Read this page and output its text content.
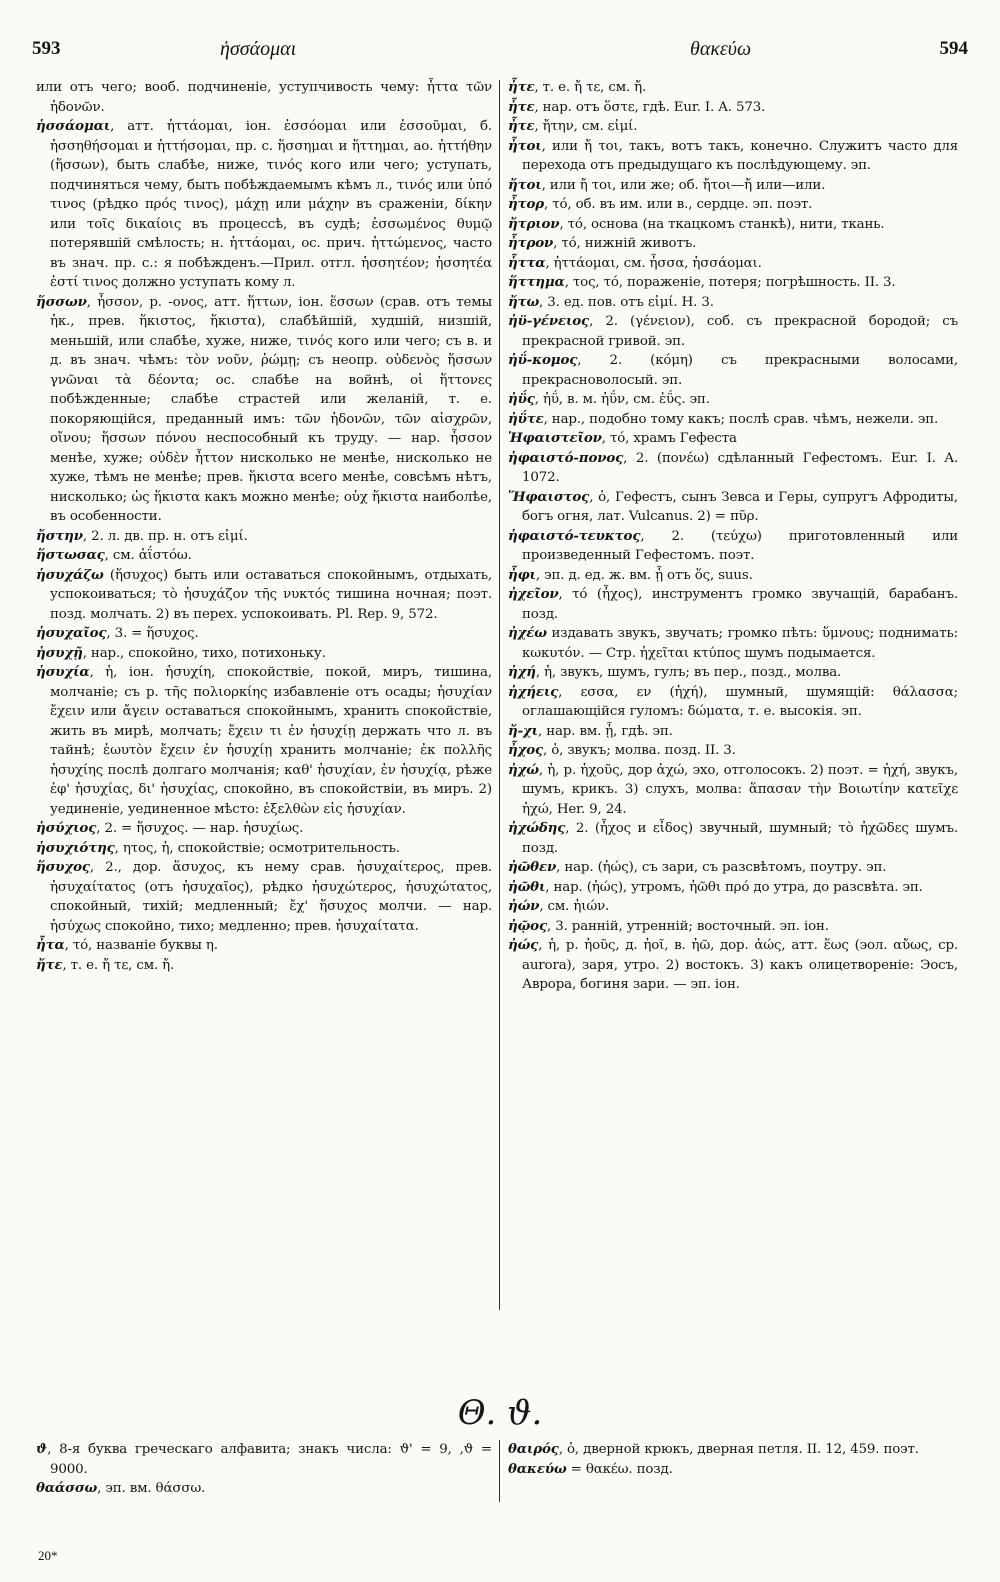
593	ἡσσάομαι	θακεύω	594

или отъ чего; вооб. подчиненіе, уступчивость чему: ἧττα τῶν ἡδονῶν.

ἡσσάομαι, атт. ἡττάομαι, іон. ἑσσόομαι или ἑσσοῦμαι, б. ἡσσηθήσομαι и ἡττήσομαι, пр. с. ἥσσημαι и ἥττημαι, ао. ἡττήθην (ἥσσων), быть слабѣе, ниже, τινός кого или чего; уступать, подчиняться чему, быть побѣждаемымъ кѣмъ л., τινός или ὑπό τινος (рѣдко πρός τινος), μάχῃ или μάχην въ сраженіи, δίκην или τοῖς δικαίοις въ процессѣ, въ судѣ; ἑσσωμένος θυμῷ потерявшій смѣлость; н. ἡττάομαι, ос. прич. ἡττώμενος, часто въ знач. пр. с.: я побѣжденъ.—Прил. отгл. ἡσσητέον; ἡσσητέα ἐστί τινος должно уступать кому л.

ἥσσων, ἧσσον, р. -ονος, атт. ἥττων, іон. ἕσσων (срав. отъ темы ἡκ., прев. ἥκιστος, ἥκιστα), слабѣйшій, худшій, низшій, меньшій, или слабѣе, хуже, ниже, τινός кого или чего; съ в. и д. въ знач. чѣмъ: τὸν νοῦν, ῥώμῃ; съ неопр. οὐδενὸς ἥσσων γνῶναι τὰ δέοντα; ос. слабѣе на войнѣ, οἱ ἥττονες побѣжденные; слабѣе страстей или желаній, т. е. покоряющійся, преданный имъ: τῶν ἡδονῶν, τῶν αἰσχρῶν, οἴνου; ἥσσων πόνου неспособный къ труду. — нар. ἧσσον менѣе, хуже; οὐδὲν ἧττον нисколько не менѣе, нисколько не хуже, тѣмъ не менѣе; прев. ἥκιστα всего менѣе, совсѣмъ нѣтъ, нисколько; ὡς ἥκιστα какъ можно менѣе; οὐχ ἥκιστα наиболѣе, въ особенности.

ἤστην, 2. л. дв. пр. н. отъ εἰμί.

ἥστωσας, см. ἀΐστόω.

ἡσυχάζω (ἥσυχος) быть или оставаться спокойнымъ, отдыхать, успокоиваться; τὸ ἡσυχάζον τῆς νυκτός тишина ночная; поэт. позд. молчать. 2) въ перех. успокоивать. Pl. Rep. 9, 572.

ἡσυχαῖος, 3. = ἥσυχος.

ἡσυχῇ, нар., спокойно, тихо, потихоньку.

ἡσυχία, ἡ, іон. ἡσυχίη, спокойствіе, покой, миръ, тишина, молчаніе; съ р. τῆς πολιορκίης избавленіе отъ осады; ἡσυχίαν ἔχειν или ἄγειν оставаться спокойнымъ, хранить спокойствіе, жить въ мирѣ, молчать; ἔχειν τι ἐν ἡσυχίῃ держать что л. въ тайнѣ; ἑωυτὸν ἔχειν ἐν ἡσυχίῃ хранить молчаніе; ἐκ πολλῆς ἡσυχίης послѣ долгаго молчанія; καθ' ἡσυχίαν, ἐν ἡσυχίᾳ, рѣже ἐφ' ἡσυχίας, δι' ἡσυχίας, спокойно, въ спокойствіи, въ миръ. 2) уединеніе, уединенное мѣсто: ἐξελθὼν εἰς ἡσυχίαν.

ἡσύχιος, 2. = ἥσυχος. — нар. ἡσυχίως.

ἡσυχιότης, ητος, ἡ, спокойствіе; осмотрительность.

ἥσυχος, 2., дор. ἅσυχος, къ нему срав. ἡσυχαίτερος, прев. ἡσυχαίτατος (отъ ἡσυχαῖος), рѣдко ἡσυχώτερος, ἡσυχώτατος, спокойный, тихій; медленный; ἔχ' ἥσυχος молчи. — нар. ἡσύχως спокойно, тихо; медленно; прев. ἡσυχαίτατα.

ἦτα, τό, названіе буквы η.

ἤτε, т. е. ἤ τε, см. ἤ.

ἦτε, т. е. ἤ τε, см. ἤ.

ἧτε, нар. отъ ὅστε, гдѣ. Eur. I. A. 573.

ἦτε, ἤτην, см. εἰμί.

ἦτοι, или ἤ τοι, такъ, вотъ такъ, конечно. Служитъ часто для перехода отъ предыдущаго къ послѣдующему. эп.

ἤτοι, или ἤ τοι, или же; об. ἤτοι—ἤ или—или.

ἦτορ, τό, об. въ им. или в., сердце. эп. поэт.

ἤτριον, τό, основа (на ткацкомъ станкѣ), нити, ткань.

ἦτρον, τό, нижній животъ.

ἧττα, ἡττάομαι, см. ἧσσα, ἡσσάομαι.

ἥττημα, τος, τό, пораженіе, потеря; погрѣшность. II. 3.

ἤτω, 3. ед. пов. отъ εἰμί. H. 3.

ἠϋ-γένειος, 2. (γένειον), соб. съ прекрасной бородой; съ прекрасной гривой. эп.

ἠΰ-κομος, 2. (κόμη) съ прекрасными волосами, прекрасноволосый. эп.

ἠΰς, ἠΰ, в. м. ἠΰν, см. ἐΰς. эп.

ἠΰτε, нар., подобно тому какъ; послѣ срав. чѣмъ, нежели. эп.

Ἡφαιστεῖον, τό, храмъ Гефеста

ἡφαιστό-πονος, 2. (πονέω) сдѣланный Гефестомъ. Eur. I. A. 1072.

Ἥφαιστος, ὁ, Гефестъ, сынъ Зевса и Геры, супругъ Афродиты, богъ огня, лат. Vulcanus. 2) = πῦρ.

ἡφαιστό-τευκτος, 2. (τεύχω) приготовленный или произведенный Гефестомъ. поэт.

ἦφι, эп. д. ед. ж. вм. ᾗ отъ ὅς, suus.

ἠχεῖον, τό (ἦχος), инструментъ громко звучащій, барабанъ. позд.

ἠχέω издавать звукъ, звучать; громко пѣть: ὕμνους; поднимать: κωκυτόν. — Стр. ἠχεῖται κτύπος шумъ подымается.

ἠχή, ἡ, звукъ, шумъ, гулъ; въ пер., позд., молва.

ἠχήεις, εσσα, εν (ἠχή), шумный, шумящій: θάλασσα; оглашающійся гуломъ: δώματα, т. е. высокія. эп.

ἤ-χι, нар. вм. ᾗ, гдѣ. эп.

ἦχος, ὁ, звукъ; молва. позд. II. 3.

ἠχώ, ἡ, р. ἠχοῦς, дор ἀχώ, эхо, отголосокъ. 2) поэт. = ἠχή, звукъ, шумъ, крикъ. 3) слухъ, молва: ἅπασαν τὴν Βοιωτίην κατεῖχε ἠχώ, Her. 9, 24.

ἠχώδης, 2. (ἦχος и εἶδος) звучный, шумный; τὸ ἠχῶδες шумъ. позд.

ἠῶθεν, нар. (ἠώς), съ зари, съ разсвѣтомъ, поутру. эп.

ἠῶθι, нар. (ἠώς), утромъ, ἠῶθι πρό до утра, до разсвѣта. эп.

ἠών, см. ἠιών.

ἠῷος, 3. ранній, утренній; восточный. эп. іон.

ἠώς, ἡ, р. ἠοῦς, д. ἠοῖ, в. ἠῶ, дор. ἀώς, атт. ἕως (эол. αὔως, ср. aurora), заря, утро. 2) востокъ. 3) какъ олицетвореніе: Эосъ, Аврора, богиня зари. — эп. іон.

Θ. ϑ.

ϑ, 8-я буква греческаго алфавита; знакъ числа: ϑ' = 9, ,ϑ = 9000.

θαάσσω, эп. вм. θάσσω.

θαιρός, ὁ, дверной крюкъ, дверная петля. II. 12, 459. поэт.

θακεύω = θακέω. позд.

20*
